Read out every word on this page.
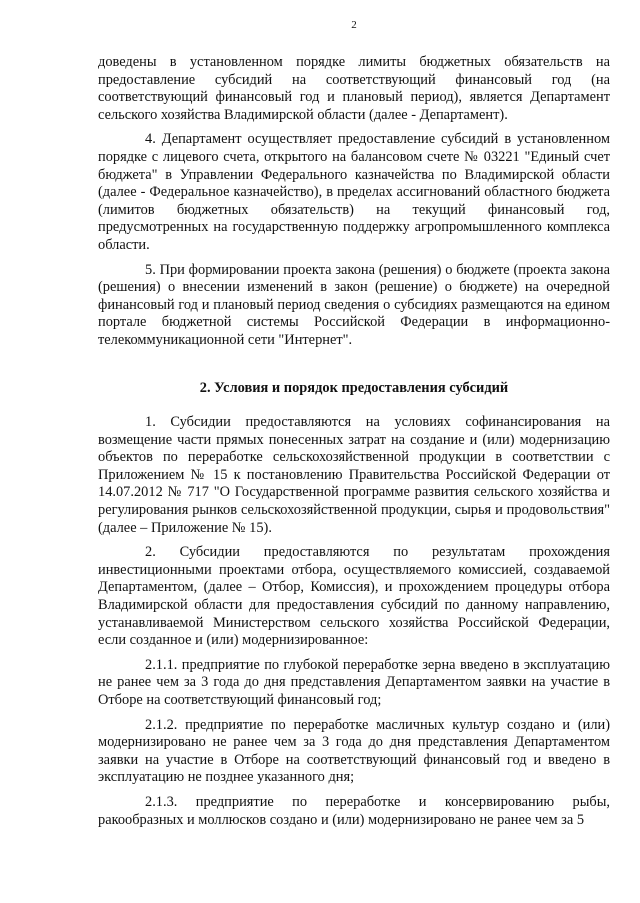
2

доведены в установленном порядке лимиты бюджетных обязательств на предоставление субсидий на соответствующий финансовый год (на соответствующий финансовый год и плановый период), является Департамент сельского хозяйства Владимирской области (далее - Департамент).

4. Департамент осуществляет предоставление субсидий в установленном порядке с лицевого счета, открытого на балансовом счете № 03221 "Единый счет бюджета" в Управлении Федерального казначейства по Владимирской области (далее - Федеральное казначейство), в пределах ассигнований областного бюджета (лимитов бюджетных обязательств) на текущий финансовый год, предусмотренных на государственную поддержку агропромышленного комплекса области.

5. При формировании проекта закона (решения) о бюджете (проекта закона (решения) о внесении изменений в закон (решение) о бюджете) на очередной финансовый год и плановый период сведения о субсидиях размещаются на едином портале бюджетной системы Российской Федерации в информационно-телекоммуникационной сети "Интернет".

2. Условия и порядок предоставления субсидий

1. Субсидии предоставляются на условиях софинансирования на возмещение части прямых понесенных затрат на создание и (или) модернизацию объектов по переработке сельскохозяйственной продукции в соответствии с Приложением № 15 к постановлению Правительства Российской Федерации от 14.07.2012 № 717 "О Государственной программе развития сельского хозяйства и регулирования рынков сельскохозяйственной продукции, сырья и продовольствия" (далее – Приложение № 15).

2. Субсидии предоставляются по результатам прохождения инвестиционными проектами отбора, осуществляемого комиссией, создаваемой Департаментом, (далее – Отбор, Комиссия), и прохождением процедуры отбора Владимирской области для предоставления субсидий по данному направлению, устанавливаемой Министерством сельского хозяйства Российской Федерации, если созданное и (или) модернизированное:

2.1.1. предприятие по глубокой переработке зерна введено в эксплуатацию не ранее чем за 3 года до дня представления Департаментом заявки на участие в Отборе на соответствующий финансовый год;

2.1.2. предприятие по переработке масличных культур создано и (или) модернизировано не ранее чем за 3 года до дня представления Департаментом заявки на участие в Отборе на соответствующий финансовый год и введено в эксплуатацию не позднее указанного дня;

2.1.3. предприятие по переработке и консервированию рыбы, ракообразных и моллюсков создано и (или) модернизировано не ранее чем за 5
